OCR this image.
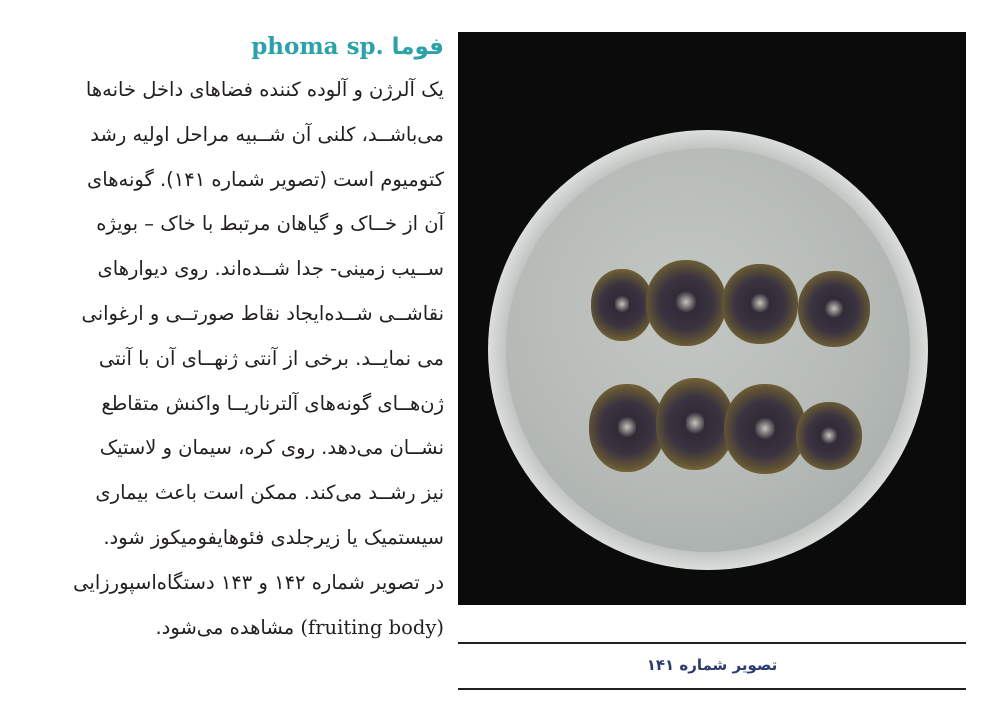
فوما phoma sp.
یک آلرژن و آلوده کننده فضاهای داخل خانه‌ها
می‌باشــد، کلنی آن شــبیه مراحل اولیه رشد
کتومیوم است (تصویر شماره ۱۴۱). گونه‌های
آن از خــاک و گیاهان مرتبط با خاک – بویژه
ســیب زمینی- جدا شــده‌اند. روی دیوارهای
نقاشــی شــده‌ایجاد نقاط صورتــی و ارغوانی
می نمایــد. برخی از آنتی ژنهــای آن با آنتی
ژن‌هــای گونه‌های آلترناریــا واکنش متقاطع
نشــان می‌دهد. روی کره، سیمان و لاستیک
نیز رشــد می‌کند. ممکن است باعث بیماری
سیستمیک یا زیرجلدی فئوهایفومیکوز شود.
در تصویر شماره ۱۴۲ و ۱۴۳ دستگاه‌اسپورزایی
(fruiting body) مشاهده می‌شود.
تصویر شماره ۱۴۱
